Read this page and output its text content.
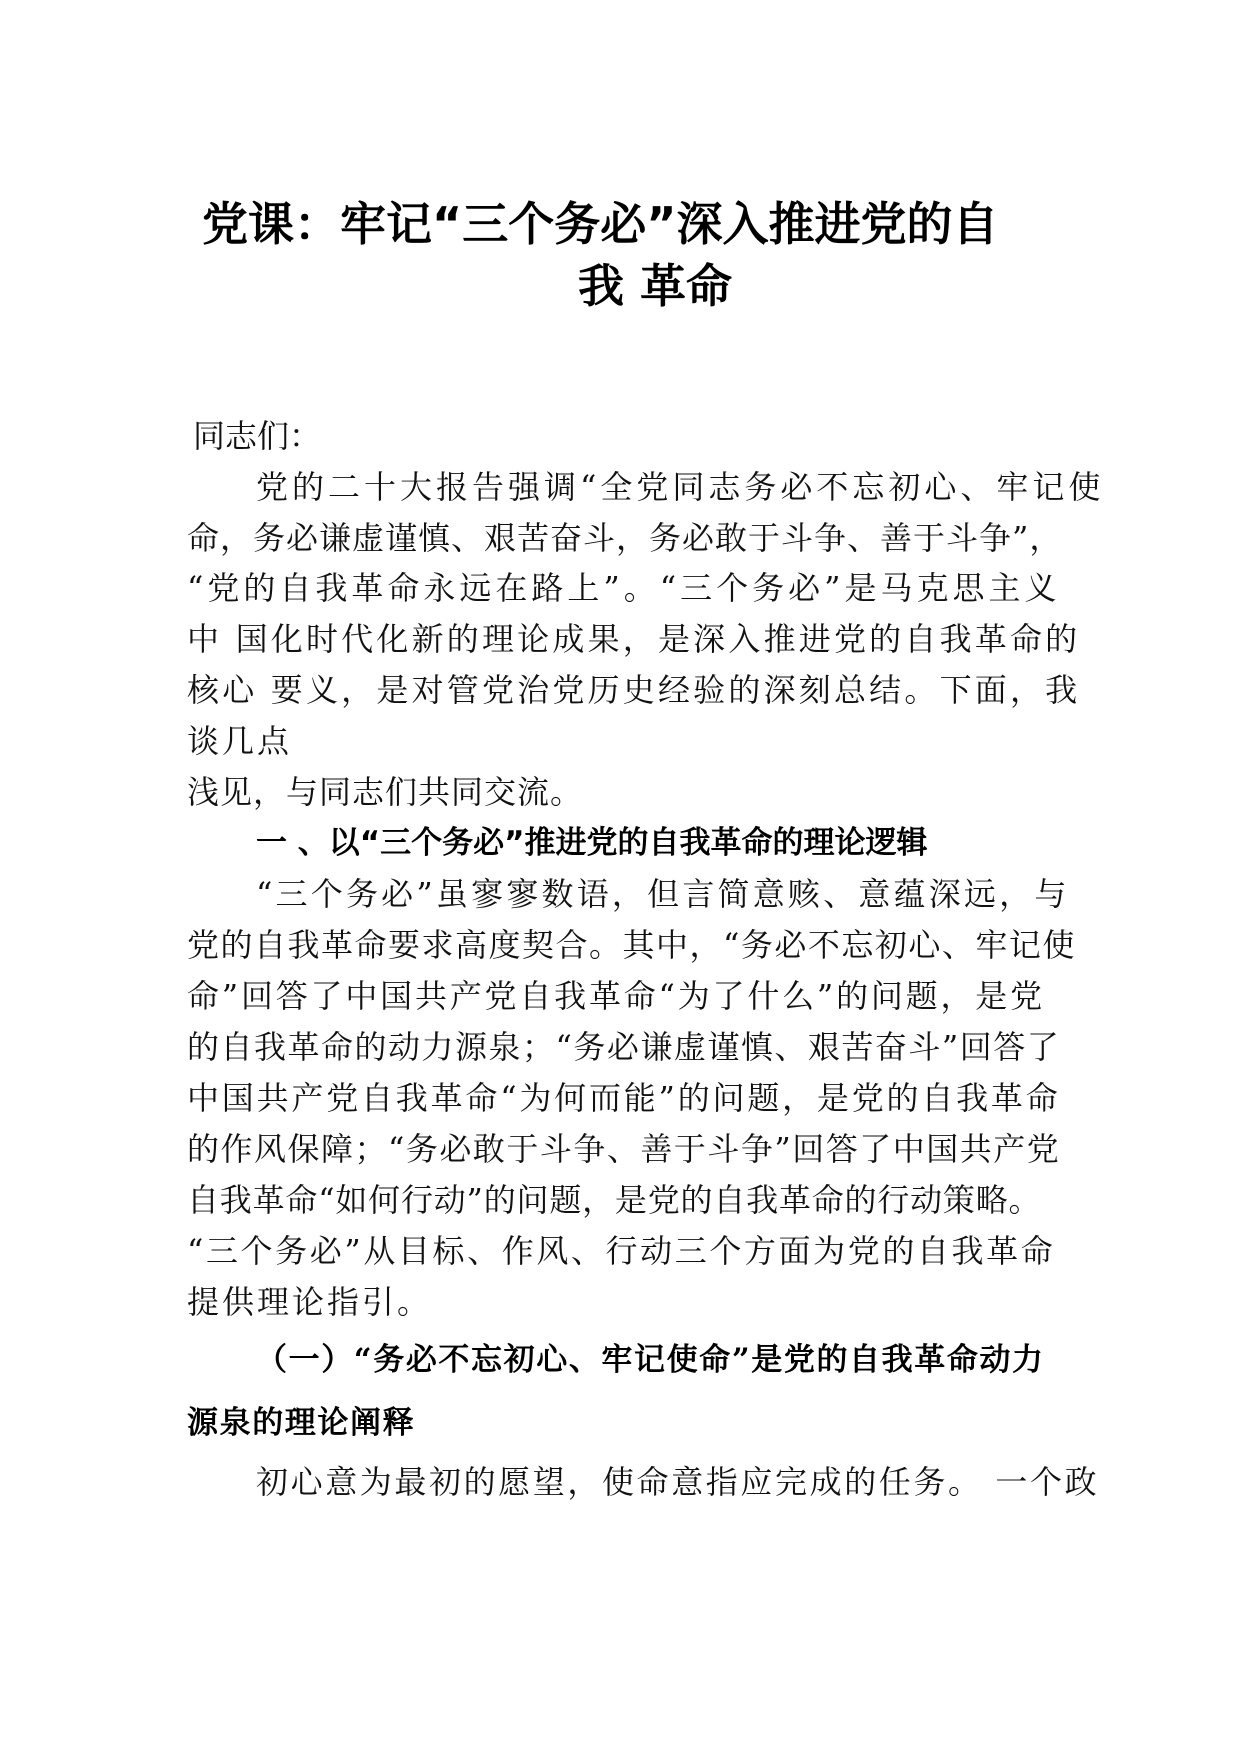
党课：牢记“三个务必”深入推进党的自
我 革命
同志们：
党的二十大报告强调“全党同志务必不忘初心、牢记使
命，务必谦虚谨慎、艰苦奋斗，务必敢于斗争、善于斗争”，
“党的自我革命永远在路上”。“三个务必”是马克思主义
中 国化时代化新的理论成果，是深入推进党的自我革命的
核心 要义，是对管党治党历史经验的深刻总结。下面，我
谈几点
浅见，与同志们共同交流。
一 、以“三个务必”推进党的自我革命的理论逻辑
“三个务必”虽寥寥数语，但言简意赅、意蕴深远，与
党的自我革命要求高度契合。其中，“务必不忘初心、牢记使
命”回答了中国共产党自我革命“为了什么”的问题，是党
的自我革命的动力源泉；“务必谦虚谨慎、艰苦奋斗”回答了
中国共产党自我革命“为何而能”的问题，是党的自我革命
的作风保障；“务必敢于斗争、善于斗争”回答了中国共产党
自我革命“如何行动”的问题，是党的自我革命的行动策略。
“三个务必”从目标、作风、行动三个方面为党的自我革命
提供理论指引。
（一）“务必不忘初心、牢记使命”是党的自我革命动力
源泉的理论阐释
初心意为最初的愿望，使命意指应完成的任务。 一个政
